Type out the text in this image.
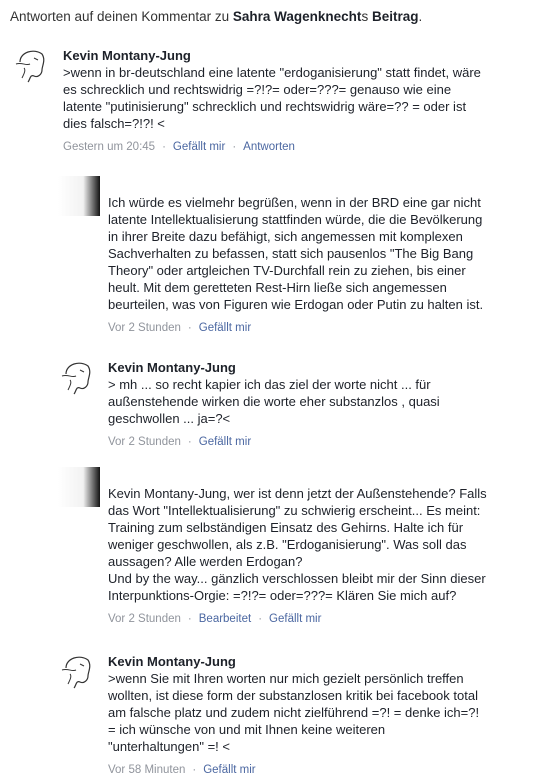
Antworten auf deinen Kommentar zu Sahra Wagenknechts Beitrag.
Kevin Montany-Jung
>wenn in br-deutschland eine latente "erdoganisierung" statt findet, wäre
es schrecklich und rechtswidrig =?!?= oder=???= genauso wie eine
latente "putinisierung" schrecklich und rechtswidrig wäre=?? = oder ist
dies falsch=?!?! <
Gestern um 20:45 · Gefällt mir · Antworten

Ich würde es vielmehr begrüßen, wenn in der BRD eine gar nicht
latente Intellektualisierung stattfinden würde, die die Bevölkerung
in ihrer Breite dazu befähigt, sich angemessen mit komplexen
Sachverhalten zu befassen, statt sich pausenlos "The Big Bang
Theory" oder artgleichen TV-Durchfall rein zu ziehen, bis einer
heult. Mit dem geretteten Rest-Hirn ließe sich angemessen
beurteilen, was von Figuren wie Erdogan oder Putin zu halten ist.
Vor 2 Stunden · Gefällt mir
Kevin Montany-Jung
> mh ... so recht kapier ich das ziel der worte nicht ... für
außenstehende wirken die worte eher substanzlos , quasi
geschwollen ... ja=?<
Vor 2 Stunden · Gefällt mir

Kevin Montany-Jung, wer ist denn jetzt der Außenstehende? Falls
das Wort "Intellektualisierung" zu schwierig erscheint... Es meint:
Training zum selbständigen Einsatz des Gehirns. Halte ich für
weniger geschwollen, als z.B. "Erdoganisierung". Was soll das
aussagen? Alle werden Erdogan?
Und by the way... gänzlich verschlossen bleibt mir der Sinn dieser
Interpunktions-Orgie: =?!?= oder=???= Klären Sie mich auf?
Vor 2 Stunden · Bearbeitet · Gefällt mir
Kevin Montany-Jung
>wenn Sie mit Ihren worten nur mich gezielt persönlich treffen
wollten, ist diese form der substanzlosen kritik bei facebook total
am falsche platz und zudem nicht zielführend =?! = denke ich=?!
= ich wünsche von und mit Ihnen keine weiteren
"unterhaltungen" =! <
Vor 58 Minuten · Gefällt mir
